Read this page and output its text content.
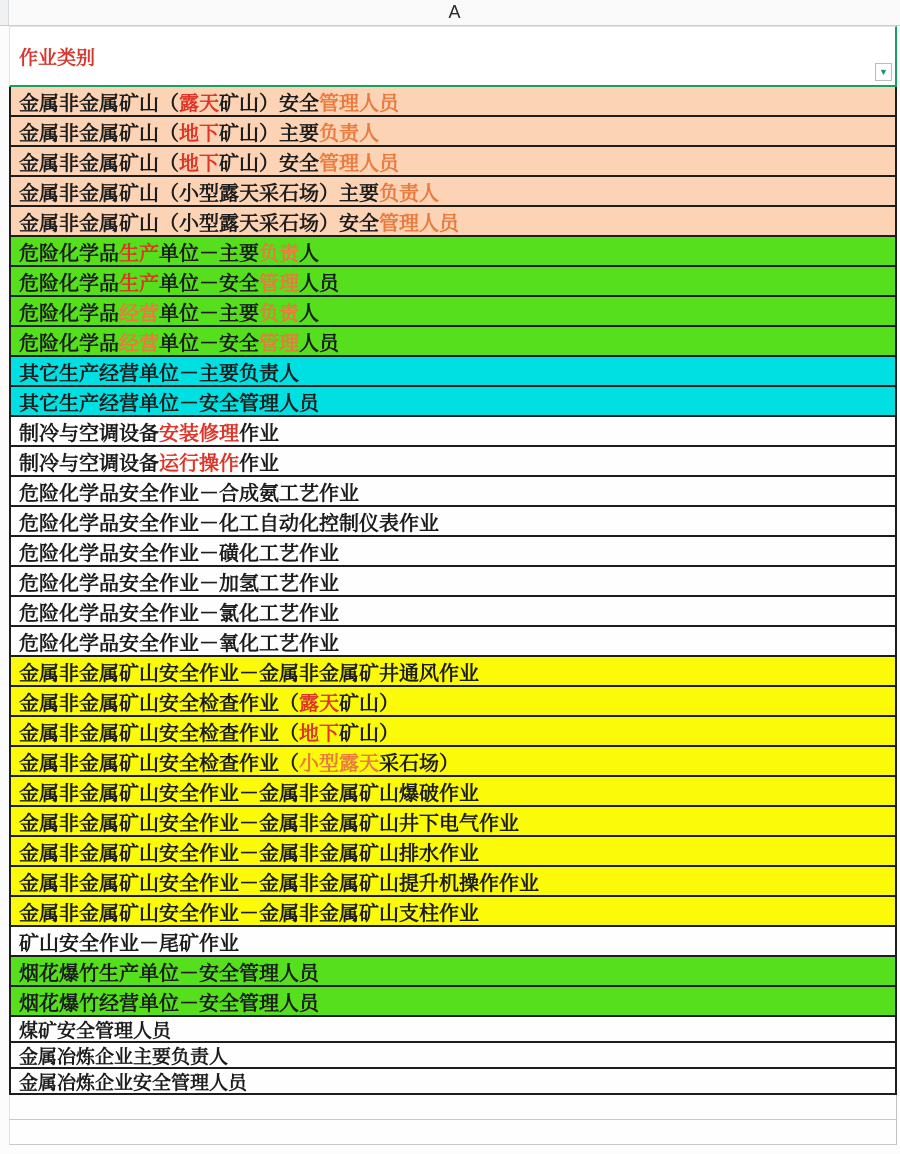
A
作业类别
▼
金属非金属矿山（ 露天 矿山）安全 管理人员
金属非金属矿山（ 地下 矿山）主要 负责人
金属非金属矿山（ 地下 矿山）安全 管理人员
金属非金属矿山（小型露天采石场）主要 负责人
金属非金属矿山（小型露天采石场）安全 管理人员
危险化学品 生产 单位－主要 负责 人
危险化学品 生产 单位－安全 管理 人员
危险化学品 经营 单位－主要 负责 人
危险化学品 经营 单位－安全 管理 人员
其它生产经营单位－主要负责人
其它生产经营单位－安全管理人员
制冷与空调设备 安装修理 作业
制冷与空调设备 运行操作 作业
危险化学品安全作业－合成氨工艺作业
危险化学品安全作业－化工自动化控制仪表作业
危险化学品安全作业－磺化工艺作业
危险化学品安全作业－加氢工艺作业
危险化学品安全作业－氯化工艺作业
危险化学品安全作业－氧化工艺作业
金属非金属矿山安全作业－金属非金属矿井通风作业
金属非金属矿山安全检查作业（ 露天 矿山）
金属非金属矿山安全检查作业（ 地下 矿山）
金属非金属矿山安全检查作业（ 小型露天 采石场）
金属非金属矿山安全作业－金属非金属矿山爆破作业
金属非金属矿山安全作业－金属非金属矿山井下电气作业
金属非金属矿山安全作业－金属非金属矿山排水作业
金属非金属矿山安全作业－金属非金属矿山提升机操作作业
金属非金属矿山安全作业－金属非金属矿山支柱作业
矿山安全作业－尾矿作业
烟花爆竹生产单位－安全管理人员
烟花爆竹经营单位－安全管理人员
煤矿安全管理人员
金属冶炼企业主要负责人
金属冶炼企业安全管理人员
